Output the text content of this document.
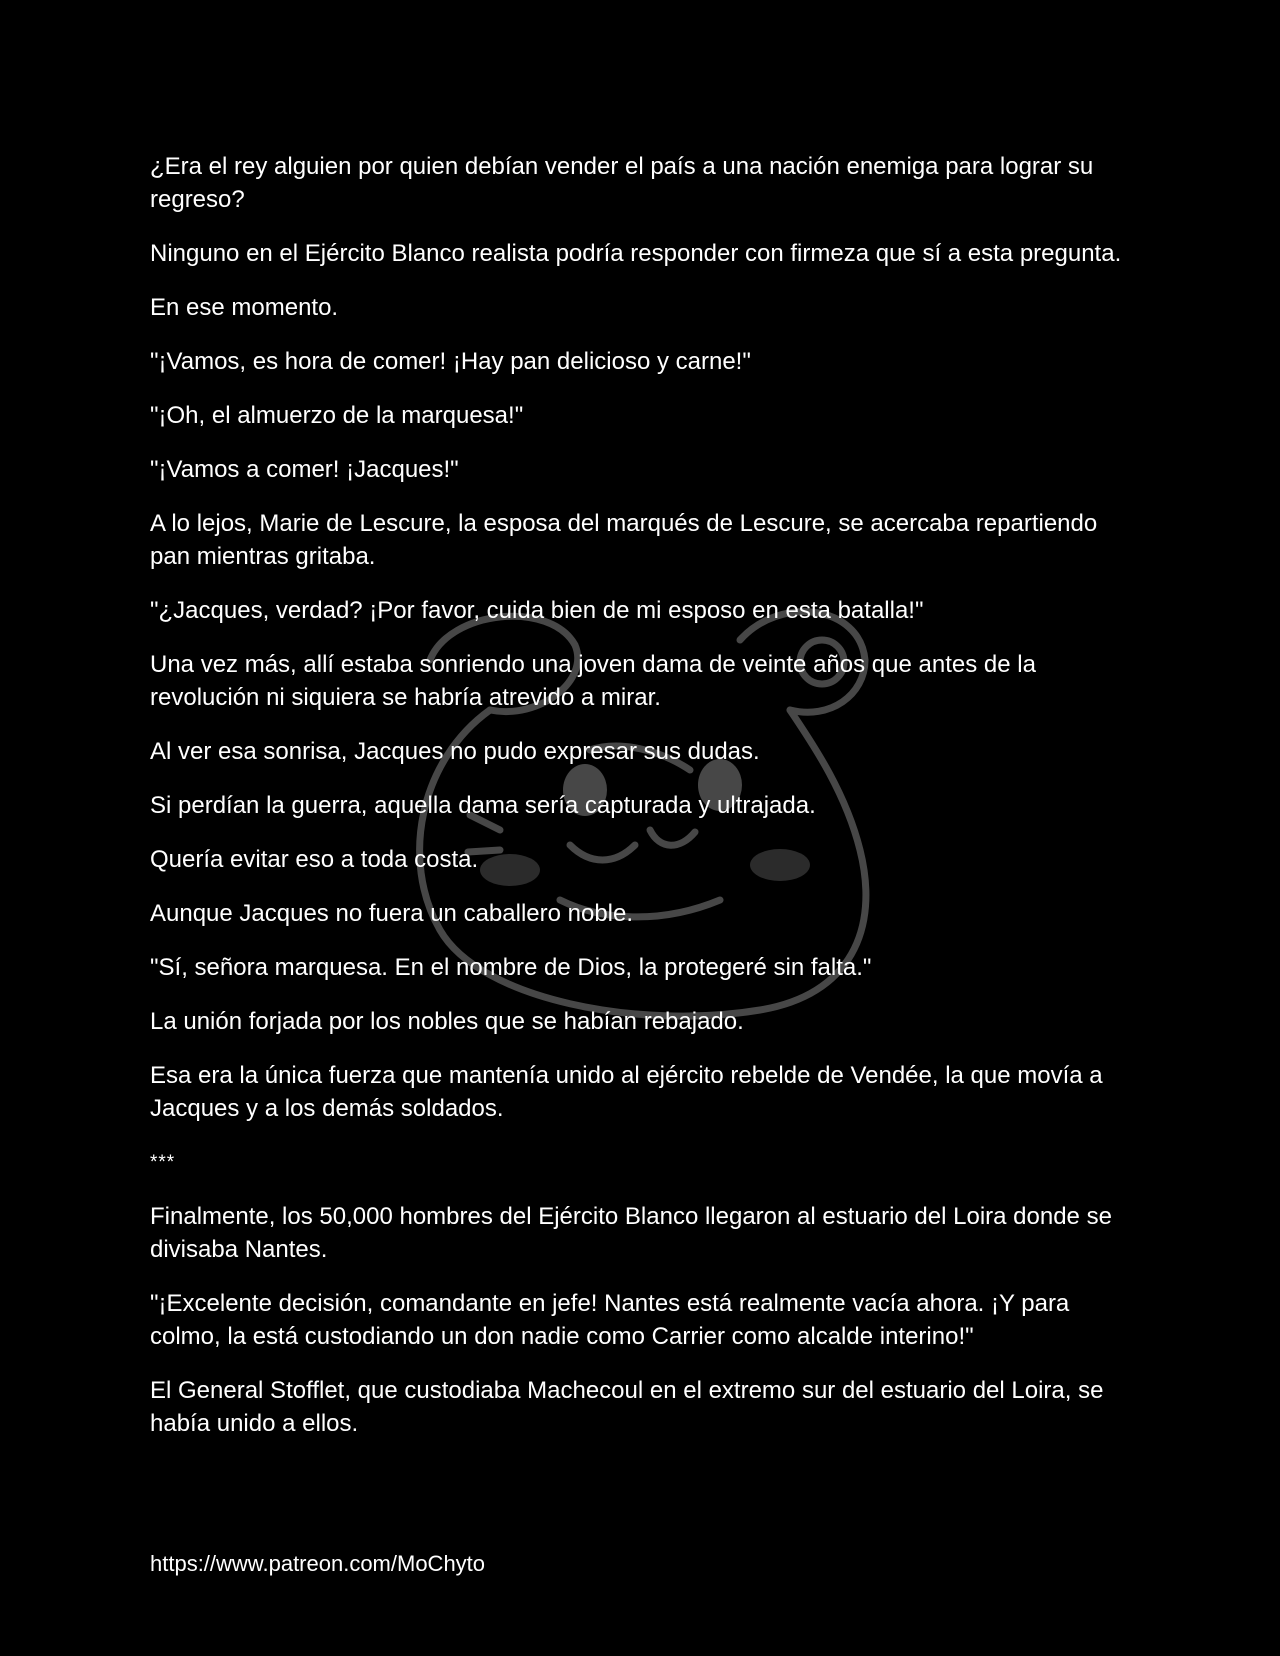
¿Era el rey alguien por quien debían vender el país a una nación enemiga para lograr su regreso?

Ninguno en el Ejército Blanco realista podría responder con firmeza que sí a esta pregunta.

En ese momento.

"¡Vamos, es hora de comer! ¡Hay pan delicioso y carne!"

"¡Oh, el almuerzo de la marquesa!"

"¡Vamos a comer! ¡Jacques!"

A lo lejos, Marie de Lescure, la esposa del marqués de Lescure, se acercaba repartiendo pan mientras gritaba.

"¿Jacques, verdad? ¡Por favor, cuida bien de mi esposo en esta batalla!"

Una vez más, allí estaba sonriendo una joven dama de veinte años que antes de la revolución ni siquiera se habría atrevido a mirar.

Al ver esa sonrisa, Jacques no pudo expresar sus dudas.

Si perdían la guerra, aquella dama sería capturada y ultrajada.

Quería evitar eso a toda costa.

Aunque Jacques no fuera un caballero noble.

"Sí, señora marquesa. En el nombre de Dios, la protegeré sin falta."

La unión forjada por los nobles que se habían rebajado.

Esa era la única fuerza que mantenía unido al ejército rebelde de Vendée, la que movía a Jacques y a los demás soldados.

***

Finalmente, los 50,000 hombres del Ejército Blanco llegaron al estuario del Loira donde se divisaba Nantes.

"¡Excelente decisión, comandante en jefe! Nantes está realmente vacía ahora. ¡Y para colmo, la está custodiando un don nadie como Carrier como alcalde interino!"

El General Stofflet, que custodiaba Machecoul en el extremo sur del estuario del Loira, se había unido a ellos.

https://www.patreon.com/MoChyto
